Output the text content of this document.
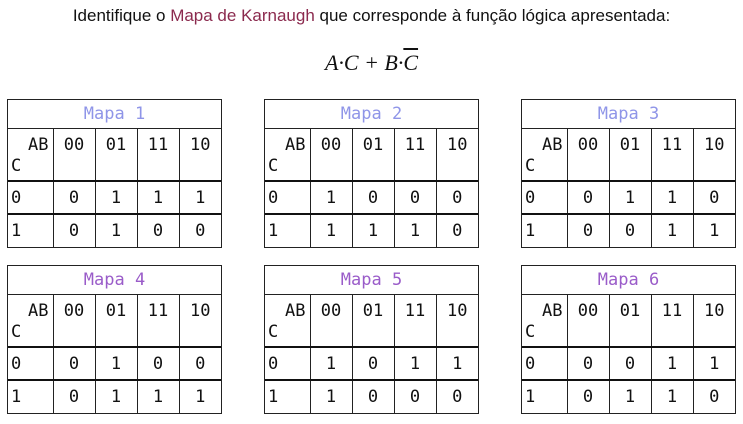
Identifique o Mapa de Karnaugh que corresponde à função lógica apresentada:
$A\cdot C + B\cdot\overline{C}$
Mapa 1
AB
C	00	01	11	10
0	0	1	1	1
1	0	1	0	0
Mapa 2
AB
C	00	01	11	10
0	1	0	0	0
1	1	1	1	0
Mapa 3
AB
C	00	01	11	10
0	0	1	1	0
1	0	0	1	1
Mapa 4
AB
C	00	01	11	10
0	0	1	0	0
1	0	1	1	1
Mapa 5
AB
C	00	01	11	10
0	1	0	1	1
1	1	0	0	0
Mapa 6
AB
C	00	01	11	10
0	0	0	1	1
1	0	1	1	0
